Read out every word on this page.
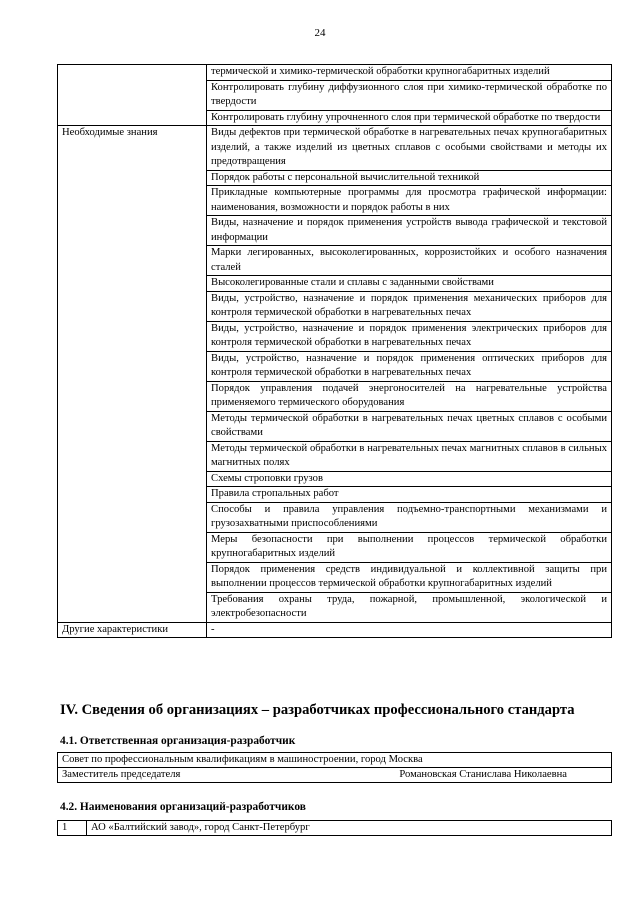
24
	термической и химико-термической обработки крупногабаритных изделий
	Контролировать глубину диффузионного слоя при химико-термической обработке по твердости
	Контролировать глубину упрочненного слоя при термической обработке по твердости
Необходимые знания	Виды дефектов при термической обработке в нагревательных печах крупногабаритных изделий, а также изделий из цветных сплавов с особыми свойствами и методы их предотвращения
	Порядок работы с персональной вычислительной техникой
	Прикладные компьютерные программы для просмотра графической информации: наименования, возможности и порядок работы в них
	Виды, назначение и порядок применения устройств вывода графической и текстовой информации
	Марки легированных, высоколегированных, коррозистойких и особого назначения сталей
	Высоколегированные стали и сплавы с заданными свойствами
	Виды, устройство, назначение и порядок применения механических приборов для контроля термической обработки в нагревательных печах
	Виды, устройство, назначение и порядок применения электрических приборов для контроля термической обработки в нагревательных печах
	Виды, устройство, назначение и порядок применения оптических приборов для контроля термической обработки в нагревательных печах
	Порядок управления подачей энергоносителей на нагревательные устройства применяемого термического оборудования
	Методы термической обработки в нагревательных печах цветных сплавов с особыми свойствами
	Методы термической обработки в нагревательных печах магнитных сплавов в сильных магнитных полях
	Схемы строповки грузов
	Правила стропальных работ
	Способы и правила управления подъемно-транспортными механизмами и грузозахватными приспособлениями
	Меры безопасности при выполнении процессов термической обработки крупногабаритных изделий
	Порядок применения средств индивидуальной и коллективной защиты при выполнении процессов термической обработки крупногабаритных изделий
	Требования охраны труда, пожарной, промышленной, экологической и электробезопасности
Другие характеристики	-
IV. Сведения об организациях – разработчиках профессионального стандарта
4.1. Ответственная организация-разработчик
Совет по профессиональным квалификациям в машиностроении, город Москва

Заместитель председателя	Романовская Станислава Николаевна
4.2. Наименования организаций-разработчиков
1	АО «Балтийский завод», город Санкт-Петербург
